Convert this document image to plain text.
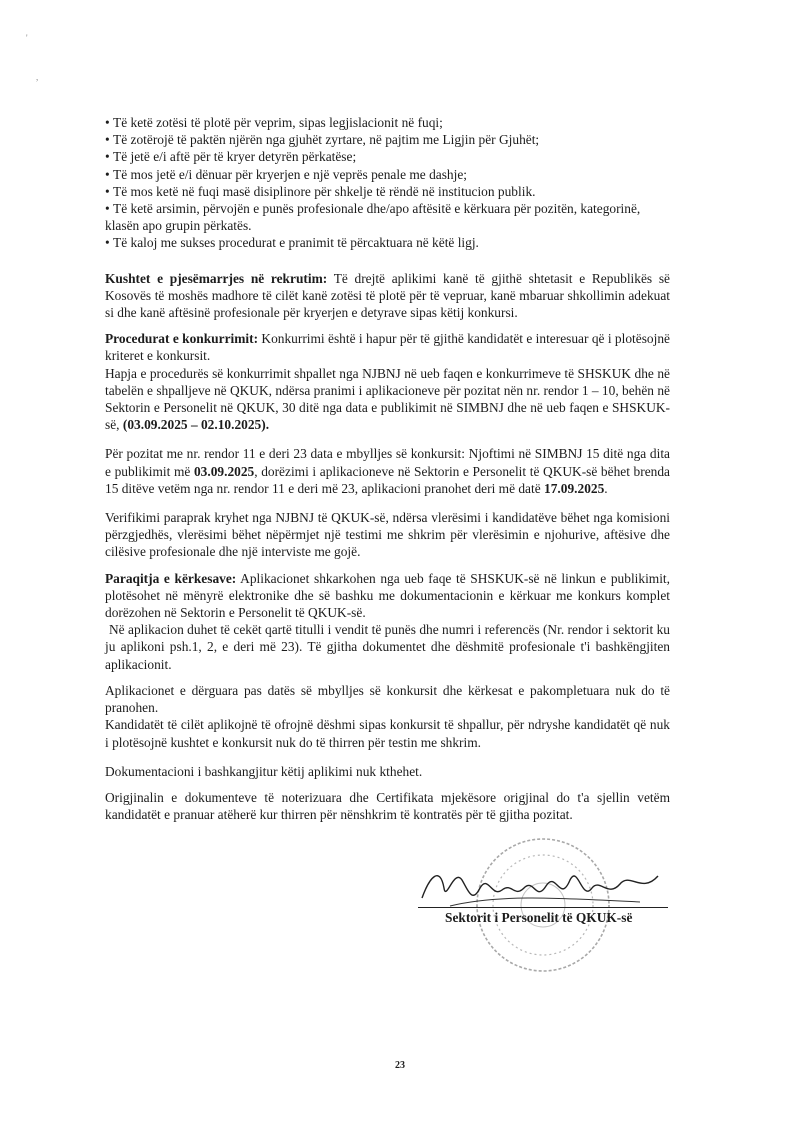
'
,
• Të ketë zotësi të plotë për veprim, sipas legjislacionit në fuqi;
• Të zotërojë të paktën njërën nga gjuhët zyrtare, në pajtim me Ligjin për Gjuhët;
• Të jetë e/i aftë për të kryer detyrën përkatëse;
• Të mos jetë e/i dënuar për kryerjen e një veprës penale me dashje;
• Të mos ketë në fuqi masë disiplinore për shkelje të rëndë në institucion publik.
• Të ketë arsimin, përvojën e punës profesionale dhe/apo aftësitë e kërkuara për pozitën, kategorinë, klasën apo grupin përkatës.
• Të kaloj me sukses procedurat e pranimit të përcaktuara në këtë ligj.

Kushtet e pjesëmarrjes në rekrutim: Të drejtë aplikimi kanë të gjithë shtetasit e Republikës së Kosovës të moshës madhore të cilët kanë zotësi të plotë për të vepruar, kanë mbaruar shkollimin adekuat si dhe kanë aftësinë profesionale për kryerjen e detyrave sipas këtij konkursi.

Procedurat e konkurrimit: Konkurrimi është i hapur për të gjithë kandidatët e interesuar që i plotësojnë kriteret e konkursit.

Hapja e procedurës së konkurrimit shpallet nga NJBNJ në ueb faqen e konkurrimeve të SHSKUK dhe në tabelën e shpalljeve në QKUK, ndërsa pranimi i aplikacioneve për pozitat nën nr. rendor 1 – 10, behën në Sektorin e Personelit në QKUK, 30 ditë nga data e publikimit në SIMBNJ dhe në ueb faqen e SHSKUK-së, (03.09.2025 – 02.10.2025).

Për pozitat me nr. rendor 11 e deri 23 data e mbylljes së konkursit: Njoftimi në SIMBNJ 15 ditë nga dita e publikimit më 03.09.2025, dorëzimi i aplikacioneve në Sektorin e Personelit të QKUK-së bëhet brenda 15 ditëve vetëm nga nr. rendor 11 e deri më 23, aplikacioni pranohet deri më datë 17.09.2025.

Verifikimi paraprak kryhet nga NJBNJ të QKUK-së, ndërsa vlerësimi i kandidatëve bëhet nga komisioni përzgjedhës, vlerësimi bëhet nëpërmjet një testimi me shkrim për vlerësimin e njohurive, aftësive dhe cilësive profesionale dhe një interviste me gojë.

Paraqitja e kërkesave: Aplikacionet shkarkohen nga ueb faqe të SHSKUK-së në linkun e publikimit, plotësohet në mënyrë elektronike dhe së bashku me dokumentacionin e kërkuar me konkurs komplet dorëzohen në Sektorin e Personelit të QKUK-së.

Në aplikacion duhet të cekët qartë titulli i vendit të punës dhe numri i referencës (Nr. rendor i sektorit ku ju aplikoni psh.1, 2, e deri më 23). Të gjitha dokumentet dhe dëshmitë profesionale t'i bashkëngjiten aplikacionit.

Aplikacionet e dërguara pas datës së mbylljes së konkursit dhe kërkesat e pakompletuara nuk do të pranohen.

Kandidatët të cilët aplikojnë të ofrojnë dëshmi sipas konkursit të shpallur, për ndryshe kandidatët që nuk i plotësojnë kushtet e konkursit nuk do të thirren për testin me shkrim.

Dokumentacioni i bashkangjitur këtij aplikimi nuk kthehet.

Origjinalin e dokumenteve të noterizuara dhe Certifikata mjekësore origjinal do t'a sjellin vetëm kandidatët e pranuar atëherë kur thirren për nënshkrim të kontratës për të gjitha pozitat.

Sektorit i Personelit të QKUK-së
23
